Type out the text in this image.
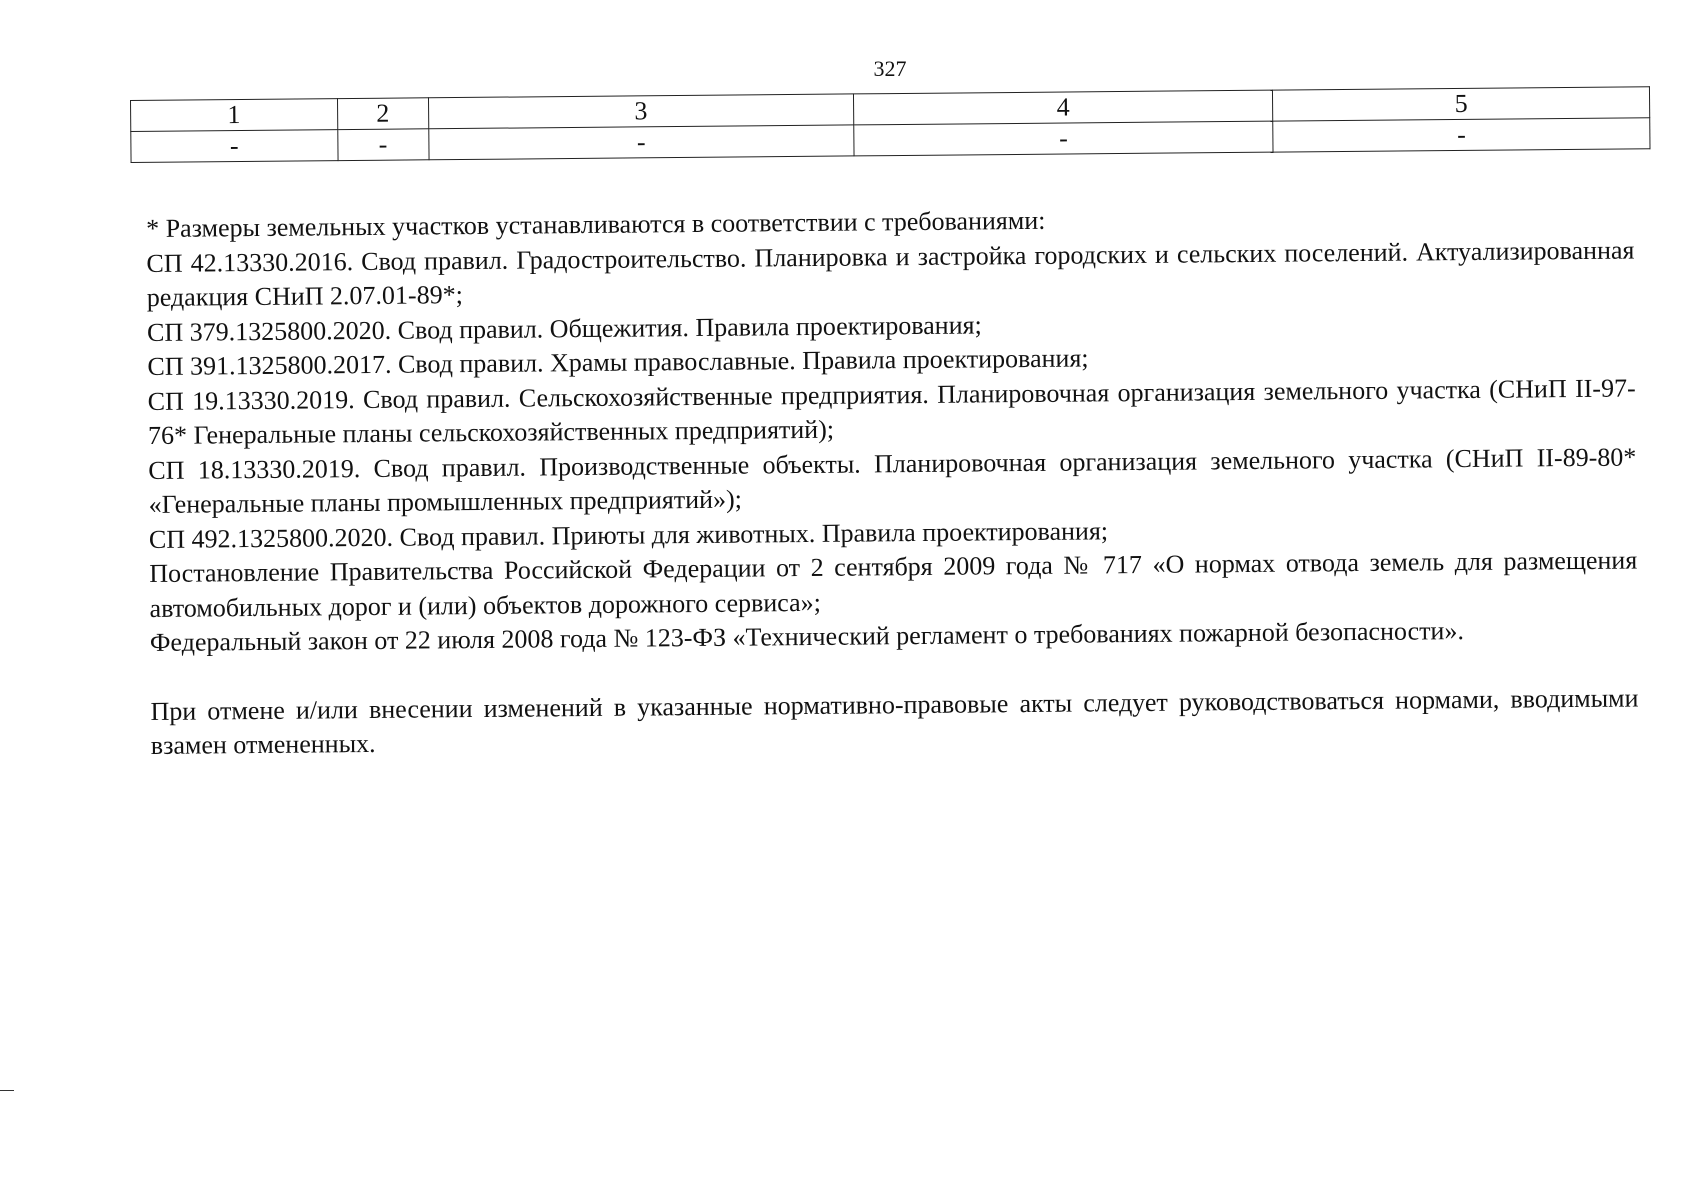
327
1	2	3	4	5
-	-	-	-	-

* Размеры земельных участков устанавливаются в соответствии с требованиями:

СП 42.13330.2016. Свод правил. Градостроительство. Планировка и застройка городских и сельских поселений. Актуализированная редакция СНиП 2.07.01-89*;

СП 379.1325800.2020. Свод правил. Общежития. Правила проектирования;

СП 391.1325800.2017. Свод правил. Храмы православные. Правила проектирования;

СП 19.13330.2019. Свод правил. Сельскохозяйственные предприятия. Планировочная организация земельного участка (СНиП II-97-76* Генеральные планы сельскохозяйственных предприятий);

СП 18.13330.2019. Свод правил. Производственные объекты. Планировочная организация земельного участка (СНиП II-89-80* «Генеральные планы промышленных предприятий»);

СП 492.1325800.2020. Свод правил. Приюты для животных. Правила проектирования;

Постановление Правительства Российской Федерации от 2 сентября 2009 года № 717 «О нормах отвода земель для размещения автомобильных дорог и (или) объектов дорожного сервиса»;

Федеральный закон от 22 июля 2008 года № 123-ФЗ «Технический регламент о требованиях пожарной безопасности».

При отмене и/или внесении изменений в указанные нормативно-правовые акты следует руководствоваться нормами, вводимыми взамен отмененных.
